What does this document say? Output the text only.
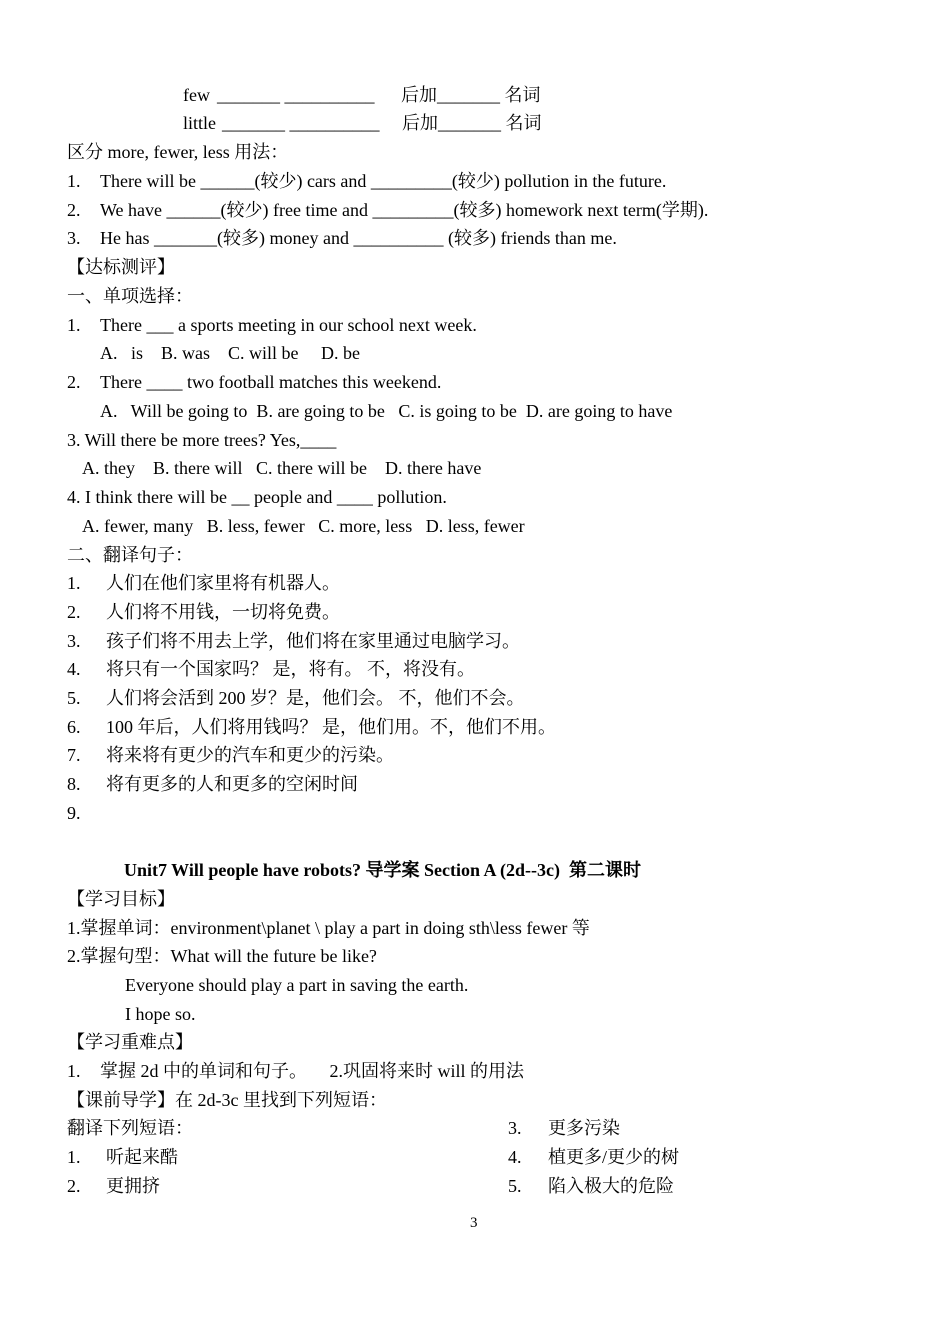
few _______ __________ 后加_______ 名词
little _______ __________ 后加_______ 名词
区分 more, fewer, less 用法：
1. There will be ______(较少) cars and _________(较少) pollution in the future.
2. We have ______(较少) free time and _________(较多) homework next term(学期).
3. He has _______(较多) money and __________ (较多) friends than me.
【达标测评】
一、单项选择：
1. There ___ a sports meeting in our school next week.
A.   is    B. was    C. will be     D. be
2. There ____ two football matches this weekend.
A.   Will be going to  B. are going to be   C. is going to be  D. are going to have
3. Will there be more trees? Yes,____
A. they    B. there will   C. there will be    D. there have
4. I think there will be __ people and ____ pollution.
A. fewer, many   B. less, fewer   C. more, less   D. less, fewer
二、翻译句子：
1. 人们在他们家里将有机器人。
2. 人们将不用钱，一切将免费。
3. 孩子们将不用去上学，他们将在家里通过电脑学习。
4. 将只有一个国家吗？ 是，将有。 不，将没有。
5. 人们将会活到 200 岁？是，他们会。 不，他们不会。
6. 100 年后，人们将用钱吗？ 是，他们用。不，他们不用。
7. 将来将有更少的汽车和更少的污染。
8. 将有更多的人和更多的空闲时间
9.
Unit7 Will people have robots? 导学案 Section A (2d--3c)  第二课时
【学习目标】
1.掌握单词：environment\planet \ play a part in doing sth\less fewer 等
2.掌握句型：What will the future be like?
Everyone should play a part in saving the earth.
I hope so.
【学习重难点】
1. 掌握 2d 中的单词和句子。     2.巩固将来时 will 的用法
【课前导学】在 2d-3c 里找到下列短语：
翻译下列短语：
1. 听起来酷
2. 更拥挤
3. 更多污染
4. 植更多/更少的树
5. 陷入极大的危险
3
